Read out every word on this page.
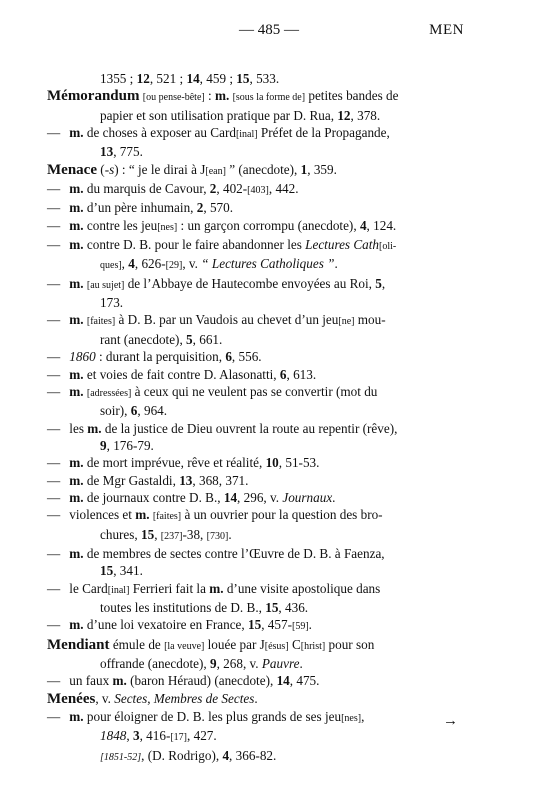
— 485 —	MEN
1355 ; 12, 521 ; 14, 459 ; 15, 533.
Mémorandum [ou pense-bête] : m. [sous la forme de] petites bandes de
papier et son utilisation pratique par D. Rua, 12, 378.
— m. de choses à exposer au Card[inal] Préfet de la Propagande,
13, 775.
Menace (-s) : “ je le dirai à J[ean] ” (anecdote), 1, 359.
— m. du marquis de Cavour, 2, 402-[403], 442.
— m. d’un père inhumain, 2, 570.
— m. contre les jeu[nes] : un garçon corrompu (anecdote), 4, 124.
— m. contre D. B. pour le faire abandonner les Lectures Cath[oli-
ques], 4, 626-[29], v. “ Lectures Catholiques ”.
— m. [au sujet] de l’Abbaye de Hautecombe envoyées au Roi, 5,
173.
— m. [faites] à D. B. par un Vaudois au chevet d’un jeu[ne] mou-
rant (anecdote), 5, 661.
— 1860 : durant la perquisition, 6, 556.
— m. et voies de fait contre D. Alasonatti, 6, 613.
— m. [adressées] à ceux qui ne veulent pas se convertir (mot du
soir), 6, 964.
— les m. de la justice de Dieu ouvrent la route au repentir (rêve),
9, 176-79.
— m. de mort imprévue, rêve et réalité, 10, 51-53.
— m. de Mgr Gastaldi, 13, 368, 371.
— m. de journaux contre D. B., 14, 296, v. Journaux.
— violences et m. [faites] à un ouvrier pour la question des bro-
chures, 15, [237]-38, [730].
— m. de membres de sectes contre l’Œuvre de D. B. à Faenza,
15, 341.
— le Card[inal] Ferrieri fait la m. d’une visite apostolique dans
toutes les institutions de D. B., 15, 436.
— m. d’une loi vexatoire en France, 15, 457-[59].
Mendiant émule de [la veuve] louée par J[ésus] C[hrist] pour son
offrande (anecdote), 9, 268, v. Pauvre.
— un faux m. (baron Héraud) (anecdote), 14, 475.
Menées, v. Sectes, Membres de Sectes.
— m. pour éloigner de D. B. les plus grands de ses jeu[nes],
1848, 3, 416-[17], 427.
[1851-52], (D. Rodrigo), 4, 366-82.
→
